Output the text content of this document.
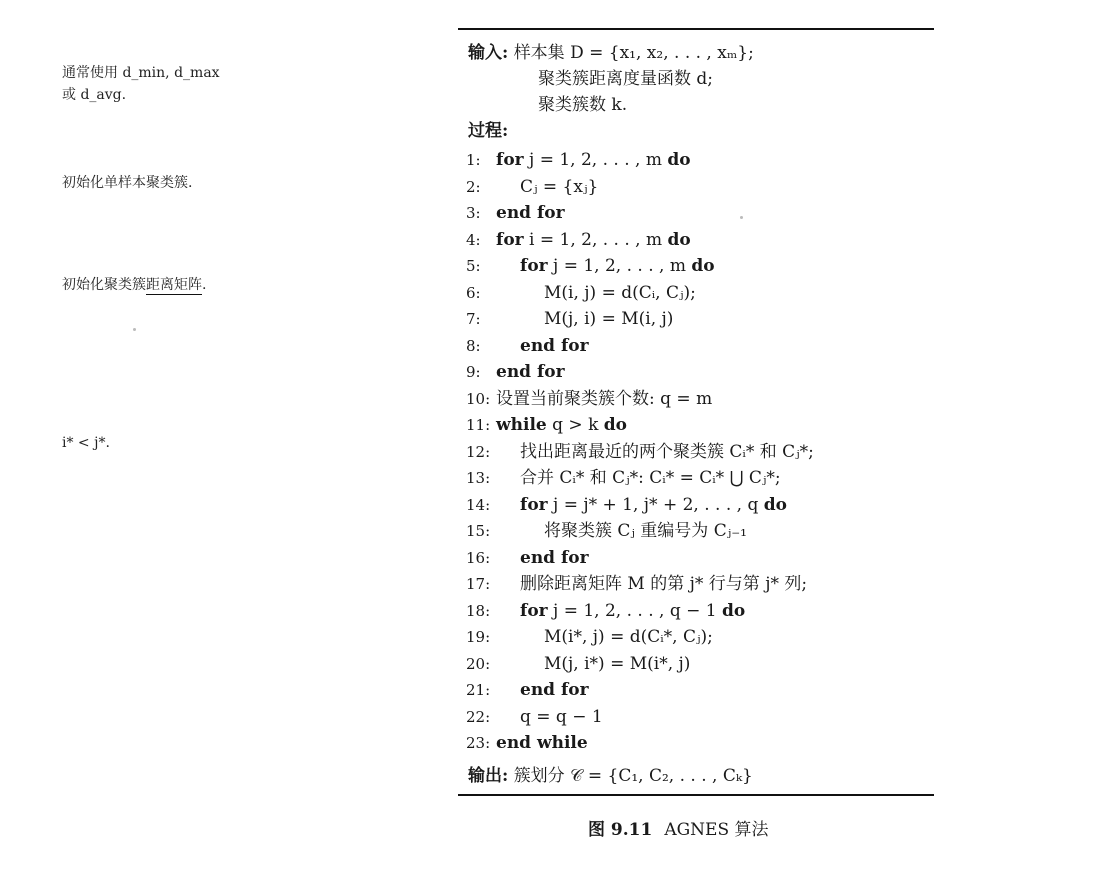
通常使用 d_min, d_max
或 d_avg.
初始化单样本聚类簇.
初始化聚类簇距离矩阵.
i* < j*.
输入: 样本集 D = {x₁, x₂, . . . , xₘ};
聚类簇距离度量函数 d;
聚类簇数 k.
过程:
1: for j = 1, 2, . . . , m do
2: Cⱼ = {xⱼ}
3: end for
4: for i = 1, 2, . . . , m do
5: for j = 1, 2, . . . , m do
6:	M(i, j) = d(Cᵢ, Cⱼ);
7:	M(j, i) = M(i, j)
8: end for
9: end for
10: 设置当前聚类簇个数: q = m
11: while q > k do
12: 找出距离最近的两个聚类簇 Cᵢ* 和 Cⱼ*;
13: 合并 Cᵢ* 和 Cⱼ*: Cᵢ* = Cᵢ* ⋃ Cⱼ*;
14: for j = j* + 1, j* + 2, . . . , q do
15:	将聚类簇 Cⱼ 重编号为 Cⱼ₋₁
16: end for
17: 删除距离矩阵 M 的第 j* 行与第 j* 列;
18: for j = 1, 2, . . . , q − 1 do
19:	M(i*, j) = d(Cᵢ*, Cⱼ);
20:	M(j, i*) = M(i*, j)
21: end for
22: q = q − 1
23: end while
输出: 簇划分 𝒞 = {C₁, C₂, . . . , Cₖ}
图 9.11 AGNES 算法
